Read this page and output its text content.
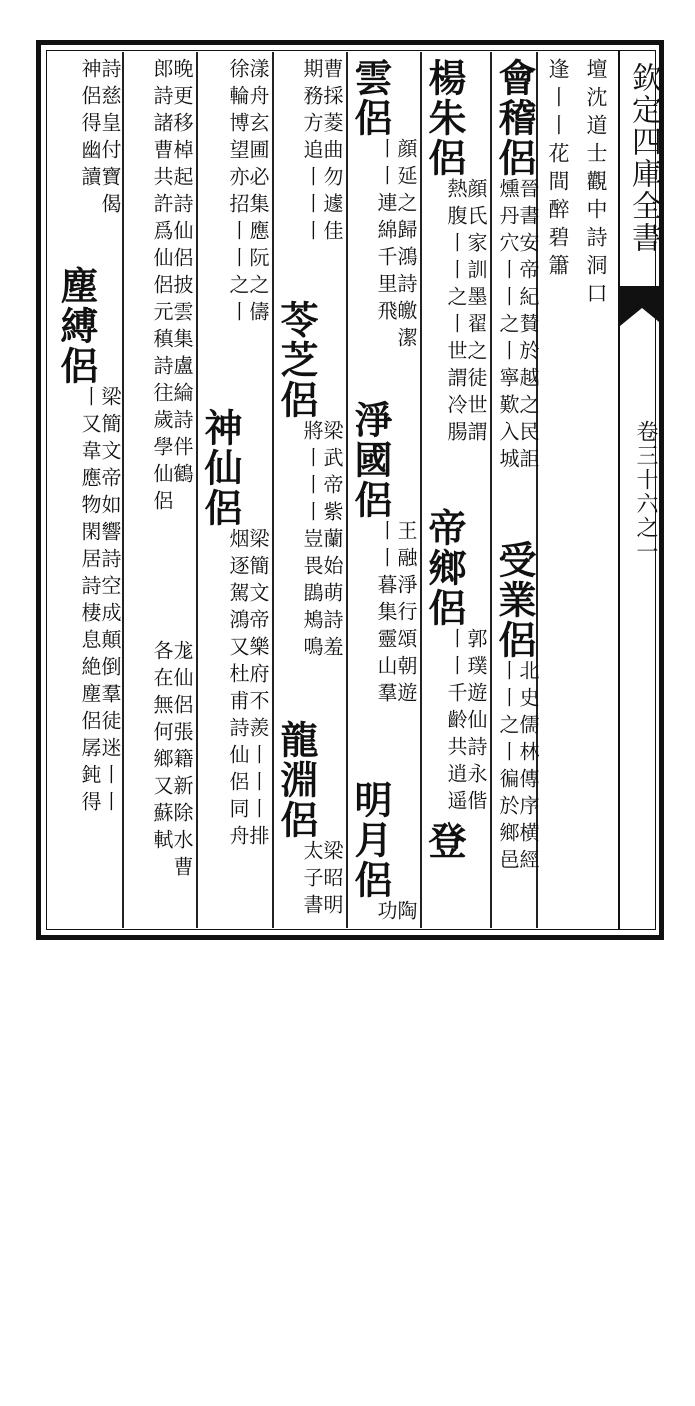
欽定四庫全書
卷三十六之一
壇沈道士觀中詩洞口
逢丨丨花間醉碧簫
會稽侶
晉書安帝紀賛於越之民詎
燻丹穴丨丨之丨寧歎入城
受業侶
北史儒林傳序横經
丨丨之丨徧於鄉邑
楊朱侶
顔氏家訓墨翟之徒世謂
熱腹丨丨之丨世謂冷腸
帝鄉侶
郭璞遊仙詩永偕
丨丨千齡共逍遥
登
雲侶
顔延之歸鴻詩皦潔
丨丨連綿千里飛
淨國侶
王融淨行頌朝遊
丨丨暮集靈山羣
明月侶
陶
功
曹採菱曲勿遽佳
期務方追丨丨丨
苓芝侶
梁武帝紫蘭始萌詩羞
將丨丨丨豈畏鵾鴂鳴
龍淵侶
梁昭明
太子書
漾舟玄圃必集應阮之儔
徐輪博望亦招丨丨之丨
神仙侶
梁簡文帝樂府不羨丨丨丨排
烟逐駕鴻又杜甫詩仙侶同舟
晚更移棹起詩仙侶披雲集盧綸詩伴鶴
郎詩諸曹共許爲仙侶元稹詩往歲學仙侶
詩慈皇付寶偈
神侶得幽讀
塵縛侶
梁簡文帝如響詩空成顛倒羣徒迷丨丨
丨又韋應物閑居詩棲息絶塵侶孱鈍得	尨仙侶張籍新除水曹
各在無何鄉又蘇軾
